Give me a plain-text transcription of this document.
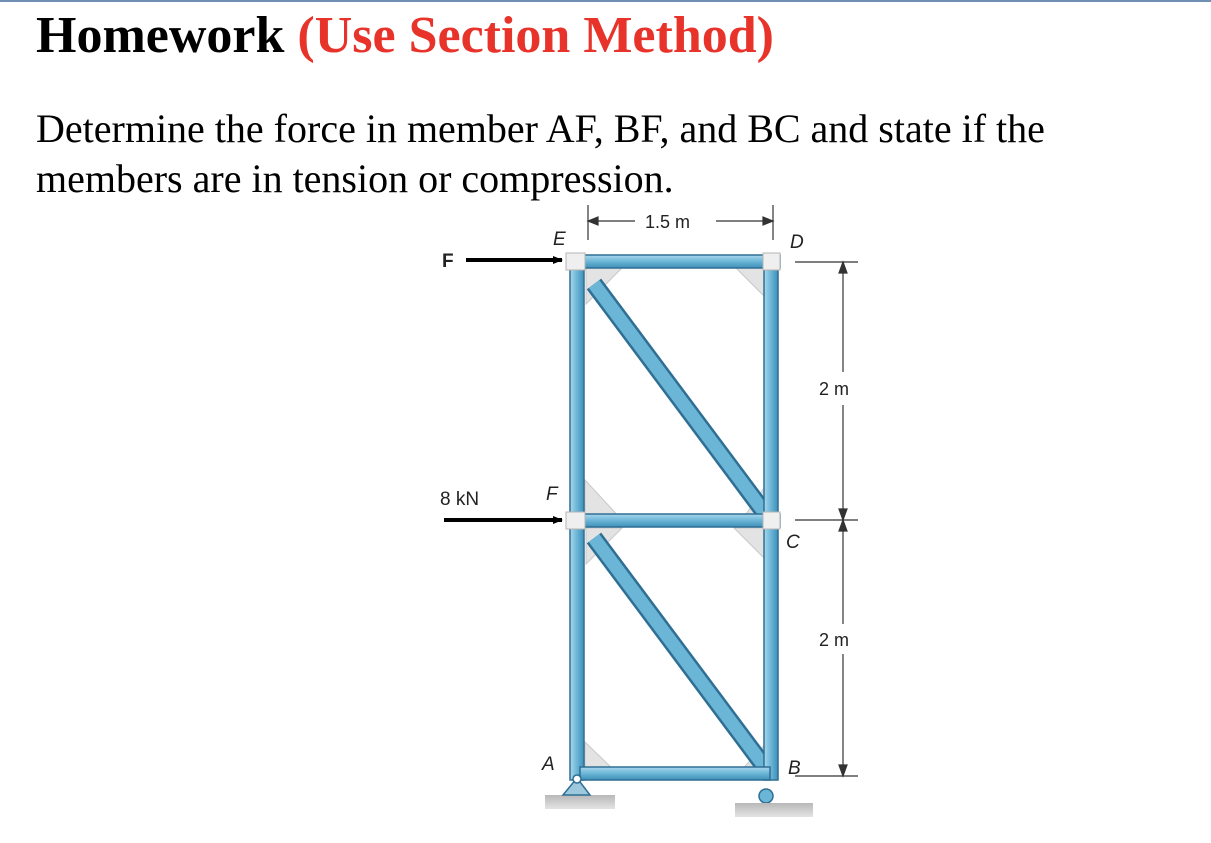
Homework (Use Section Method)

Determine the force in member AF, BF, and BC and state if the members are in tension or compression.

E	D
F
C
A	B
F
8 kN
1.5 m
2 m
2 m
